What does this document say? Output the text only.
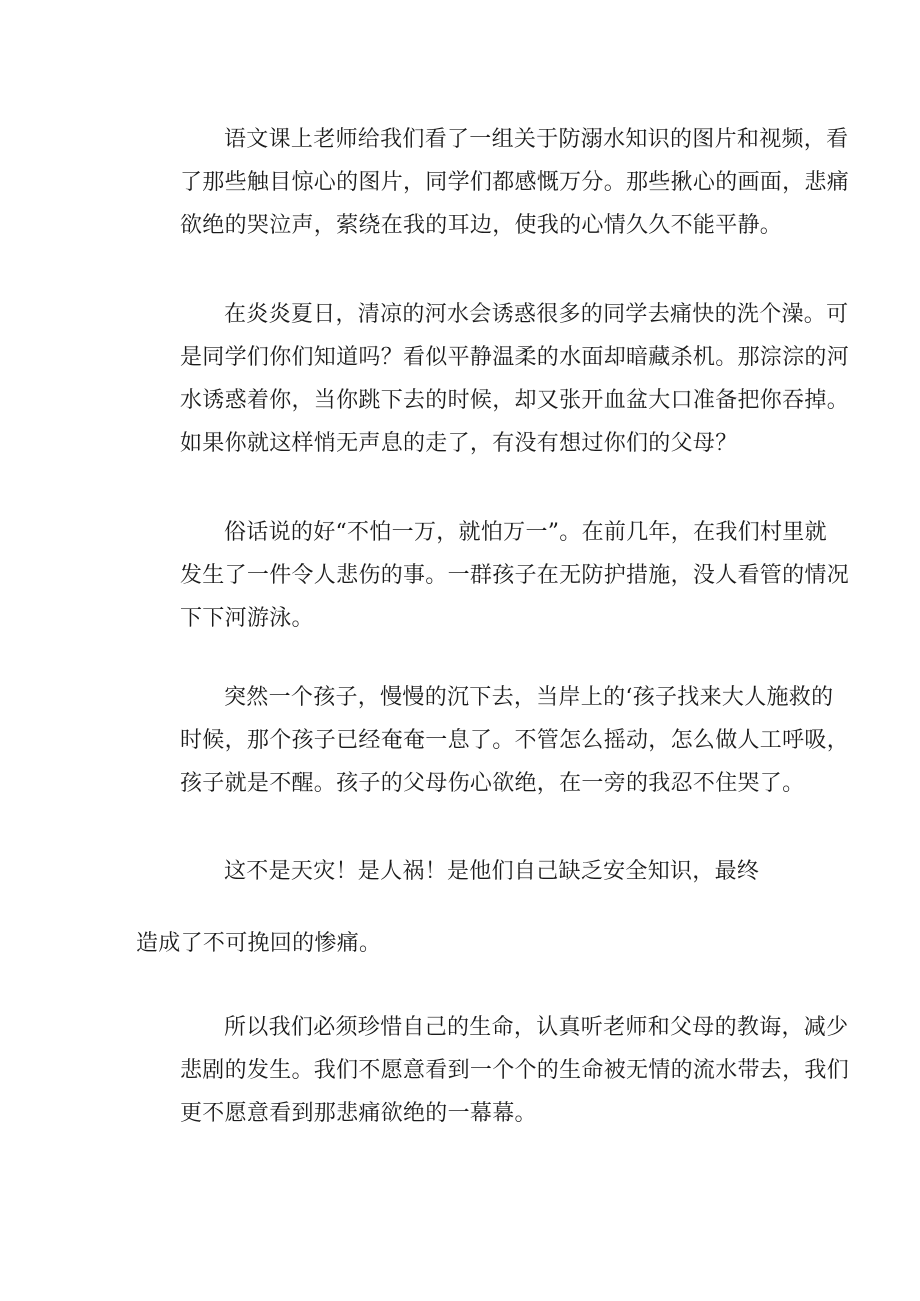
语文课上老师给我们看了一组关于防溺水知识的图片和视频，看
了那些触目惊心的图片，同学们都感慨万分。那些揪心的画面，悲痛
欲绝的哭泣声，萦绕在我的耳边，使我的心情久久不能平静。
在炎炎夏日，清凉的河水会诱惑很多的同学去痛快的洗个澡。可
是同学们你们知道吗？看似平静温柔的水面却暗藏杀机。那淙淙的河
水诱惑着你，当你跳下去的时候，却又张开血盆大口准备把你吞掉。
如果你就这样悄无声息的走了，有没有想过你们的父母？
俗话说的好“不怕一万，就怕万一”。在前几年，在我们村里就
发生了一件令人悲伤的事。一群孩子在无防护措施，没人看管的情况
下下河游泳。
突然一个孩子，慢慢的沉下去，当岸上的‘孩子找来大人施救的
时候，那个孩子已经奄奄一息了。不管怎么摇动，怎么做人工呼吸，
孩子就是不醒。孩子的父母伤心欲绝，在一旁的我忍不住哭了。
这不是天灾！是人祸！是他们自己缺乏安全知识，最终
造成了不可挽回的惨痛。
所以我们必须珍惜自己的生命，认真听老师和父母的教诲，减少
悲剧的发生。我们不愿意看到一个个的生命被无情的流水带去，我们
更不愿意看到那悲痛欲绝的一幕幕。
